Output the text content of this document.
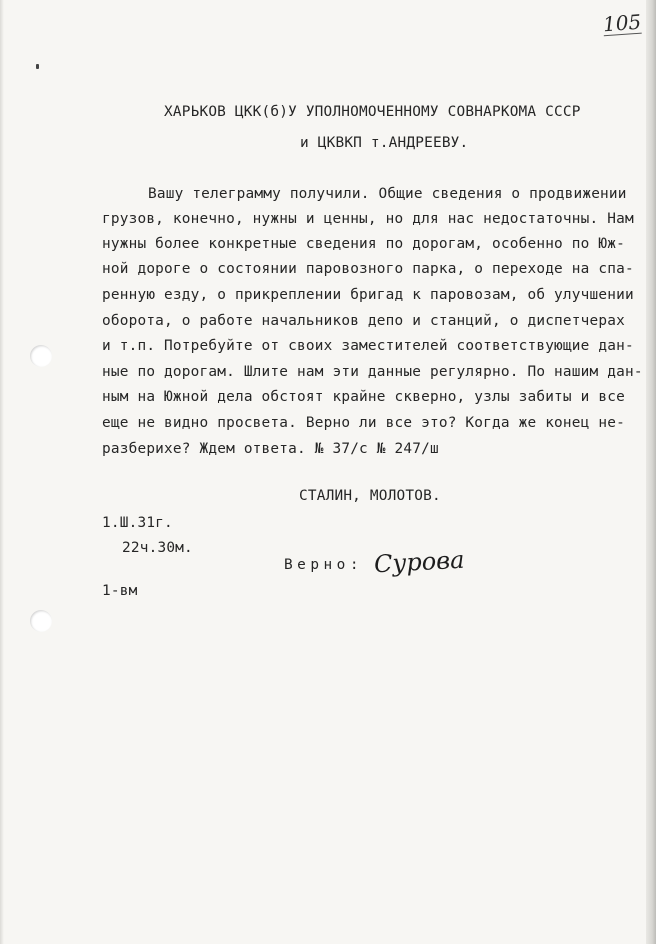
105
ХАРЬКОВ ЦКК(б)У УПОЛНОМОЧЕННОМУ СОВНАРКОМА СССР
и ЦКВКП т.АНДРЕЕВУ.
Вашу телеграмму получили. Общие сведения о продвижении
грузов, конечно, нужны и ценны, но для нас недостаточны. Нам
нужны более конкретные сведения по дорогам, особенно по Юж-
ной дороге о состоянии паровозного парка, о переходе на спа-
ренную езду, о прикреплении бригад к паровозам, об улучшении
оборота, о работе начальников депо и станций, о диспетчерах
и т.п. Потребуйте от своих заместителей соответствующие дан-
ные по дорогам. Шлите нам эти данные регулярно. По нашим дан-
ным на Южной дела обстоят крайне скверно, узлы забиты и все
еще не видно просвета. Верно ли все это? Когда же конец не-
разберихе? Ждем ответа. № 37/с № 247/ш
СТАЛИН, МОЛОТОВ.
1.Ш.31г.
22ч.30м.
Верно: Сурова
1-вм
